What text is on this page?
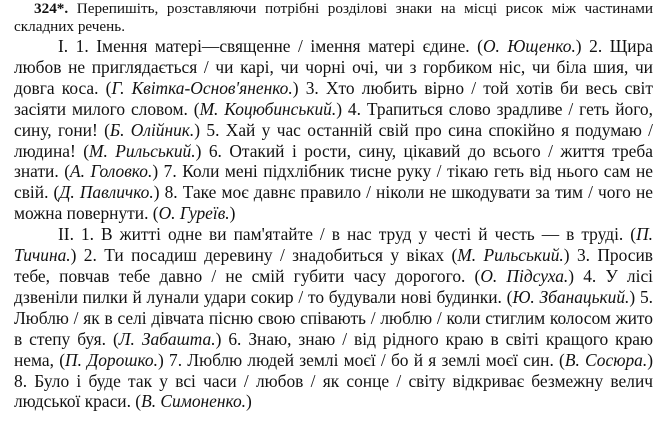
324*. Перепишіть, розставляючи потрібні розділові знаки на місці рисок між частинами складних речень.

I. 1. Імення матері—священне / імення матері єдине. (О. Ющенко.) 2. Щира любов не приглядається / чи карі, чи чорні очі, чи з горбиком ніс, чи біла шия, чи довга коса. (Г. Квітка-Основ'яненко.) 3. Хто любить вірно / той хотів би весь світ засіяти милого словом. (М. Коцюбинський.) 4. Трапиться слово зрадливе / геть його, сину, гони! (Б. Олійник.) 5. Хай у час останній свій про сина спокійно я подумаю / людина! (М. Рильський.) 6. Отакий і рости, сину, цікавий до всього / життя треба знати. (А. Головко.) 7. Коли мені підхлібник тисне руку / тікаю геть від нього сам не свій. (Д. Павличко.) 8. Таке моє давнє правило / ніколи не шкодувати за тим / чого не можна повернути. (О. Гуреїв.)

II. 1. В житті одне ви пам'ятайте / в нас труд у честі й честь — в труді. (П. Тичина.) 2. Ти посадиш деревину / знадобиться у віках (М. Рильський.) 3. Просив тебе, повчав тебе давно / не смій губити часу дорогого. (О. Підсуха.) 4. У лісі дзвеніли пилки й лунали удари сокир / то будували нові будинки. (Ю. Збанацький.) 5. Люблю / як в селі дівчата пісню свою співають / люблю / коли стиглим колосом жито в степу буя. (Л. Забашта.) 6. Знаю, знаю / від рідного краю в світі кращого краю нема, (П. Дорошко.) 7. Люблю людей землі моєї / бо й я землі моєї син. (В. Сосюра.) 8. Було і буде так у всі часи / любов / як сонце / світу відкриває безмежну велич людської краси. (В. Симоненко.)
